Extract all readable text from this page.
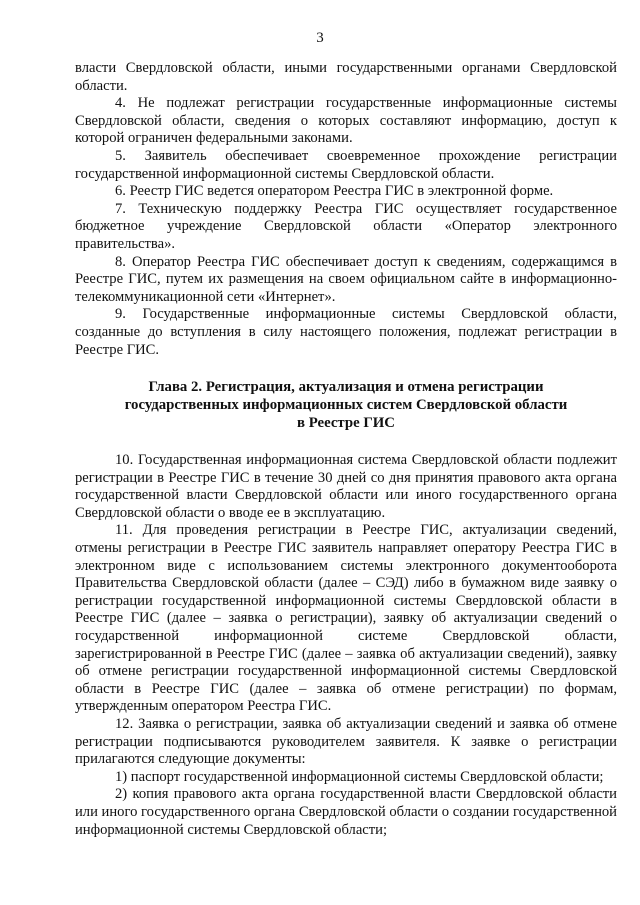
3

власти Свердловской области, иными государственными органами Свердловской области.

4. Не подлежат регистрации государственные информационные системы Свердловской области, сведения о которых составляют информацию, доступ к которой ограничен федеральными законами.

5. Заявитель обеспечивает своевременное прохождение регистрации государственной информационной системы Свердловской области.

6. Реестр ГИС ведется оператором Реестра ГИС в электронной форме.

7. Техническую поддержку Реестра ГИС осуществляет государственное бюджетное учреждение Свердловской области «Оператор электронного правительства».

8. Оператор Реестра ГИС обеспечивает доступ к сведениям, содержащимся в Реестре ГИС, путем их размещения на своем официальном сайте в информационно-телекоммуникационной сети «Интернет».

9. Государственные информационные системы Свердловской области, созданные до вступления в силу настоящего положения, подлежат регистрации в Реестре ГИС.

Глава 2. Регистрация, актуализация и отмена регистрации
государственных информационных систем Свердловской области
в Реестре ГИС

10. Государственная информационная система Свердловской области подлежит регистрации в Реестре ГИС в течение 30 дней со дня принятия правового акта органа государственной власти Свердловской области или иного государственного органа Свердловской области о вводе ее в эксплуатацию.

11. Для проведения регистрации в Реестре ГИС, актуализации сведений, отмены регистрации в Реестре ГИС заявитель направляет оператору Реестра ГИС в электронном виде с использованием системы электронного документооборота Правительства Свердловской области (далее – СЭД) либо в бумажном виде заявку о регистрации государственной информационной системы Свердловской области в Реестре ГИС (далее – заявка о регистрации), заявку об актуализации сведений о государственной информационной системе Свердловской области, зарегистрированной в Реестре ГИС (далее – заявка об актуализации сведений), заявку об отмене регистрации государственной информационной системы Свердловской области в Реестре ГИС (далее – заявка об отмене регистрации) по формам, утвержденным оператором Реестра ГИС.

12. Заявка о регистрации, заявка об актуализации сведений и заявка об отмене регистрации подписываются руководителем заявителя. К заявке о регистрации прилагаются следующие документы:

1) паспорт государственной информационной системы Свердловской области;

2) копия правового акта органа государственной власти Свердловской области или иного государственного органа Свердловской области о создании государственной информационной системы Свердловской области;
